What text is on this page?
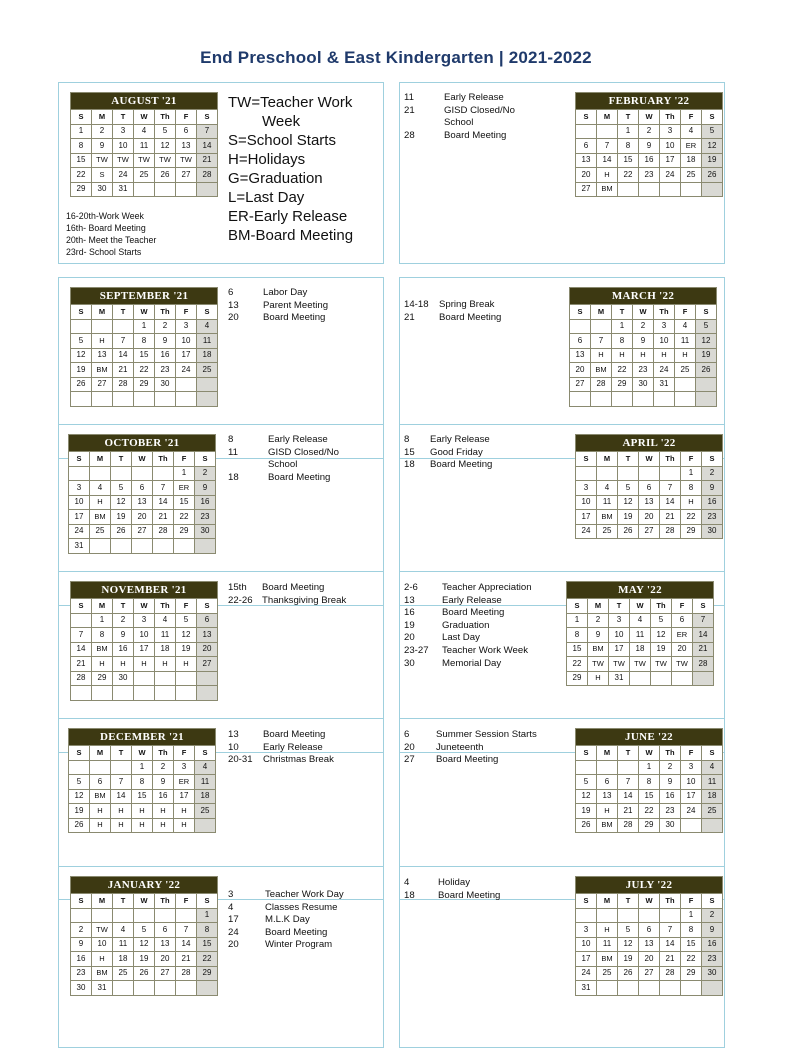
End Preschool & East Kindergarten | 2021-2022
AUGUST '21						
S	M	T	W	Th	F	S
1	2	3	4	5	6	7
8	9	10	11	12	13	14
15	TW	TW	TW	TW	TW	21
22	S	24	25	26	27	28
29	30	31				
FEBRUARY '22						
S	M	T	W	Th	F	S
		1	2	3	4	5
6	7	8	9	10	ER	12
13	14	15	16	17	18	19
20	H	22	23	24	25	26
27	BM					
11	Early Release
21	GISD Closed/No
School
28	Board Meeting
SEPTEMBER '21						
S	M	T	W	Th	F	S
			1	2	3	4
5	H	7	8	9	10	11
12	13	14	15	16	17	18
19	BM	21	22	23	24	25
26	27	28	29	30		

6	Labor Day
13	Parent Meeting
20	Board Meeting
MARCH '22						
S	M	T	W	Th	F	S
		1	2	3	4	5
6	7	8	9	10	11	12
13	H	H	H	H	H	19
20	BM	22	23	24	25	26
27	28	29	30	31		

14-18	Spring Break
21	Board Meeting
OCTOBER '21						
S	M	T	W	Th	F	S
					1	2
3	4	5	6	7	ER	9
10	H	12	13	14	15	16
17	BM	19	20	21	22	23
24	25	26	27	28	29	30
31						
8	Early Release
11	GISD Closed/No
School
18	Board Meeting
APRIL '22						
S	M	T	W	Th	F	S
					1	2
3	4	5	6	7	8	9
10	11	12	13	14	H	16
17	BM	19	20	21	22	23
24	25	26	27	28	29	30
8	Early Release
15	Good Friday
18	Board Meeting
NOVEMBER '21						
S	M	T	W	Th	F	S
	1	2	3	4	5	6
7	8	9	10	11	12	13
14	BM	16	17	18	19	20
21	H	H	H	H	H	27
28	29	30				

15th	Board Meeting
22-26 Thanksgiving Break
MAY '22						
S	M	T	W	Th	F	S
1	2	3	4	5	6	7
8	9	10	11	12	ER	14
15	BM	17	18	19	20	21
22	TW	TW	TW	TW	TW	28
29	H	31				
2-6	Teacher Appreciation
13	Early Release
16	Board Meeting
19	Graduation
20	Last Day
23-27	Teacher Work Week
30	Memorial Day
DECEMBER '21						
S	M	T	W	Th	F	S
			1	2	3	4
5	6	7	8	9	ER	11
12	BM	14	15	16	17	18
19	H	H	H	H	H	25
26	H	H	H	H	H	
13	Board Meeting
10	Early Release
20-31	Christmas Break
JUNE '22						
S	M	T	W	Th	F	S
			1	2	3	4
5	6	7	8	9	10	11
12	13	14	15	16	17	18
19	H	21	22	23	24	25
26	BM	28	29	30		
6	Summer Session Starts
20	Juneteenth
27	Board Meeting
JANUARY '22						
S	M	T	W	Th	F	S
						1
2	TW	4	5	6	7	8
9	10	11	12	13	14	15
16	H	18	19	20	21	22
23	BM	25	26	27	28	29
30	31					
3	Teacher Work Day
4	Classes Resume
17	M.L.K Day
24	Board Meeting
20	Winter Program
JULY '22						
S	M	T	W	Th	F	S
					1	2
3	H	5	6	7	8	9
10	11	12	13	14	15	16
17	BM	19	20	21	22	23
24	25	26	27	28	29	30
31						
4	Holiday
18	Board Meeting
TW=Teacher Work
Week
S=School Starts
H=Holidays
G=Graduation
L=Last Day
ER-Early Release
BM-Board Meeting
16-20th-Work Week
16th- Board Meeting
20th- Meet the Teacher
23rd- School Starts
